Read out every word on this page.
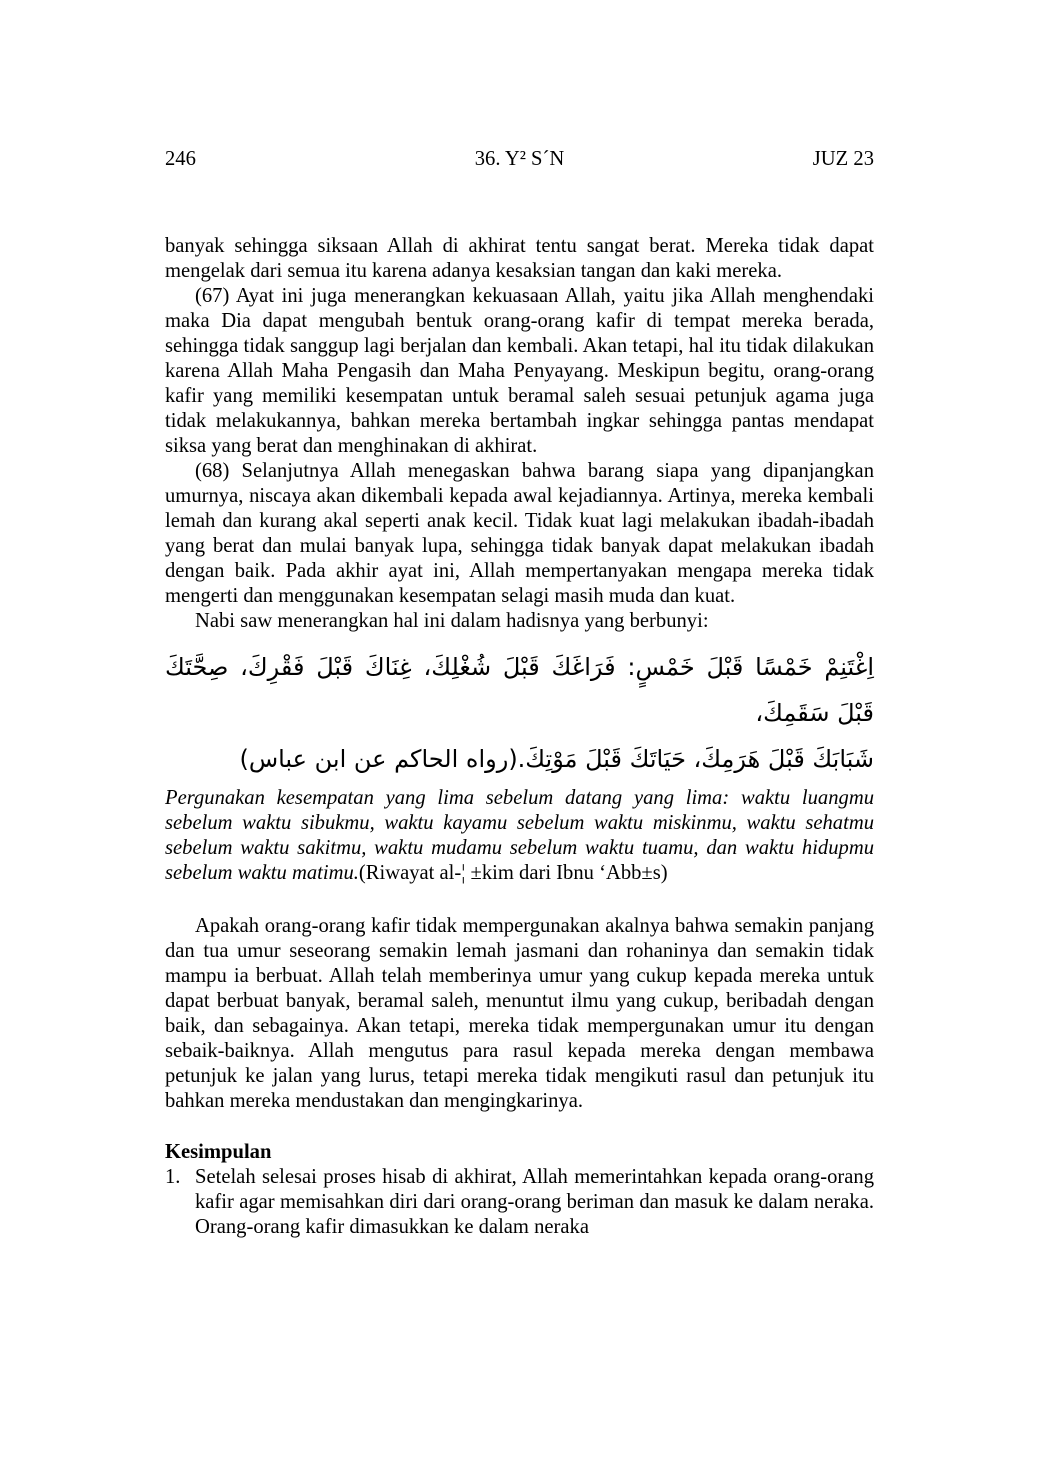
246	36. Y² S´N	JUZ 23

banyak sehingga siksaan Allah di akhirat tentu sangat berat. Mereka tidak dapat mengelak dari semua itu karena adanya kesaksian tangan dan kaki mereka.

(67) Ayat ini juga menerangkan kekuasaan Allah, yaitu jika Allah menghendaki maka Dia dapat mengubah bentuk orang-orang kafir di tempat mereka berada, sehingga tidak sanggup lagi berjalan dan kembali. Akan tetapi, hal itu tidak dilakukan karena Allah Maha Pengasih dan Maha Penyayang. Meskipun begitu, orang-orang kafir yang memiliki kesempatan untuk beramal saleh sesuai petunjuk agama juga tidak melakukannya, bahkan mereka bertambah ingkar sehingga pantas mendapat siksa yang berat dan menghinakan di akhirat.

(68) Selanjutnya Allah menegaskan bahwa barang siapa yang dipanjangkan umurnya, niscaya akan dikembali kepada awal kejadiannya. Artinya, mereka kembali lemah dan kurang akal seperti anak kecil. Tidak kuat lagi melakukan ibadah-ibadah yang berat dan mulai banyak lupa, sehingga tidak banyak dapat melakukan ibadah dengan baik. Pada akhir ayat ini, Allah mempertanyakan mengapa mereka tidak mengerti dan menggunakan kesempatan selagi masih muda dan kuat.

Nabi saw menerangkan hal ini dalam hadisnya yang berbunyi:

اِغْتَنِمْ خَمْسًا قَبْلَ خَمْسٍ: فَرَاغَكَ قَبْلَ شُغْلِكَ، غِنَاكَ قَبْلَ فَقْرِكَ، صِحَّتَكَ قَبْلَ سَقَمِكَ،
شَبَابَكَ قَبْلَ هَرَمِكَ، حَيَاتَكَ قَبْلَ مَوْتِكَ.(رواه الحاكم عن ابن عباس)

Pergunakan kesempatan yang lima sebelum datang yang lima: waktu luangmu sebelum waktu sibukmu, waktu kayamu sebelum waktu miskinmu, waktu sehatmu sebelum waktu sakitmu, waktu mudamu sebelum waktu tuamu, dan waktu hidupmu sebelum waktu matimu.(Riwayat al-¦ ±kim dari Ibnu ‘Abb±s)

Apakah orang-orang kafir tidak mempergunakan akalnya bahwa semakin panjang dan tua umur seseorang semakin lemah jasmani dan rohaninya dan semakin tidak mampu ia berbuat. Allah telah memberinya umur yang cukup kepada mereka untuk dapat berbuat banyak, beramal saleh, menuntut ilmu yang cukup, beribadah dengan baik, dan sebagainya. Akan tetapi, mereka tidak mempergunakan umur itu dengan sebaik-baiknya. Allah mengutus para rasul kepada mereka dengan membawa petunjuk ke jalan yang lurus, tetapi mereka tidak mengikuti rasul dan petunjuk itu bahkan mereka mendustakan dan mengingkarinya.

Kesimpulan
1. Setelah selesai proses hisab di akhirat, Allah memerintahkan kepada orang-orang kafir agar memisahkan diri dari orang-orang beriman dan masuk ke dalam neraka. Orang-orang kafir dimasukkan ke dalam neraka
